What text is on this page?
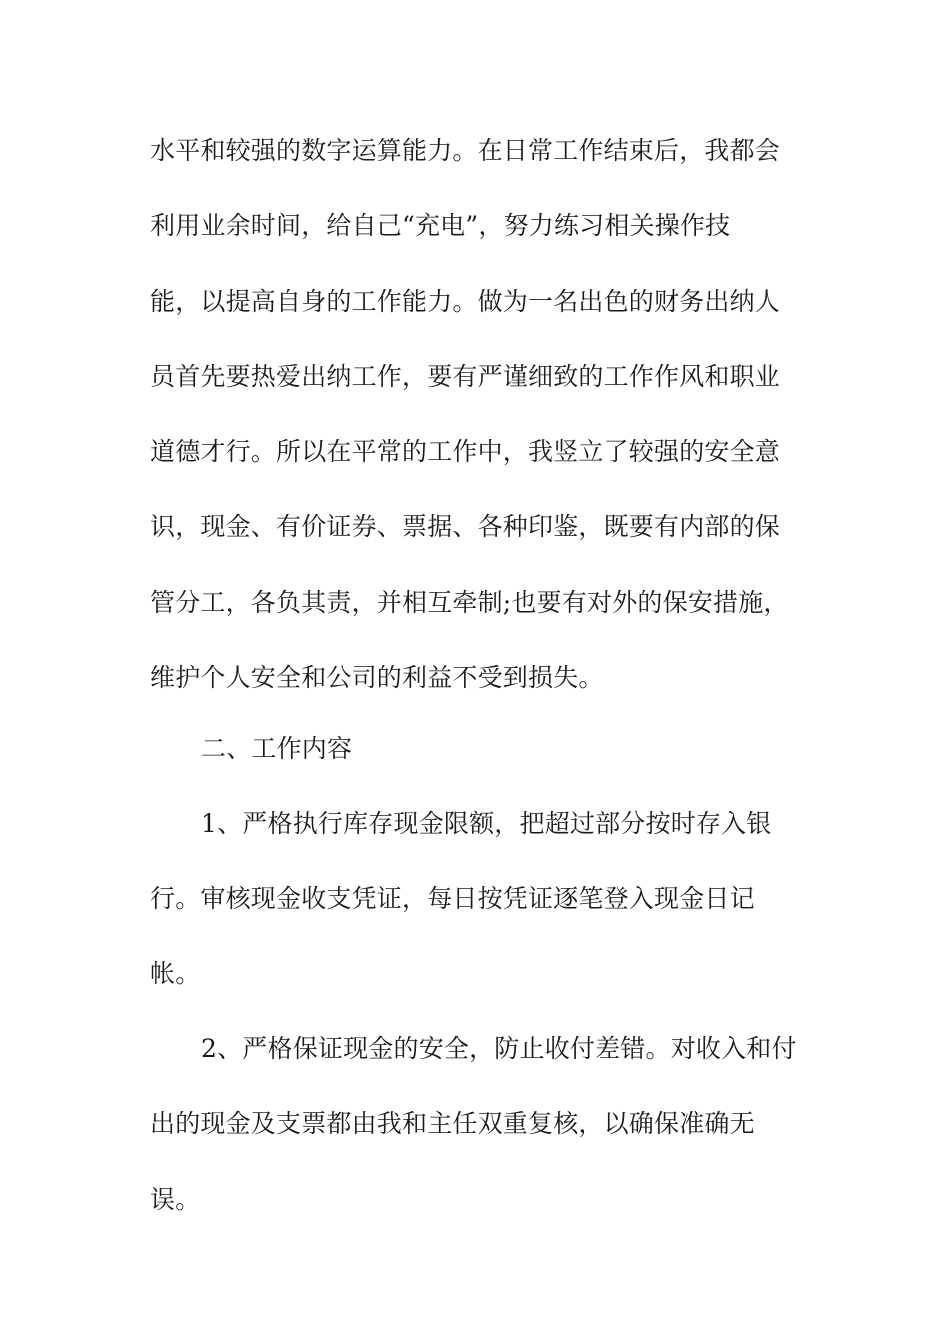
水平和较强的数字运算能力。在日常工作结束后，我都会
利用业余时间，给自己“充电”，努力练习相关操作技
能，以提高自身的工作能力。做为一名出色的财务出纳人
员首先要热爱出纳工作，要有严谨细致的工作作风和职业
道德才行。所以在平常的工作中，我竖立了较强的安全意
识，现金、有价证券、票据、各种印鉴，既要有内部的保
管分工，各负其责，并相互牵制;也要有对外的保安措施，
维护个人安全和公司的利益不受到损失。
二、工作内容
1、严格执行库存现金限额，把超过部分按时存入银
行。审核现金收支凭证，每日按凭证逐笔登入现金日记
帐。
2、严格保证现金的安全，防止收付差错。对收入和付
出的现金及支票都由我和主任双重复核，以确保准确无
误。
